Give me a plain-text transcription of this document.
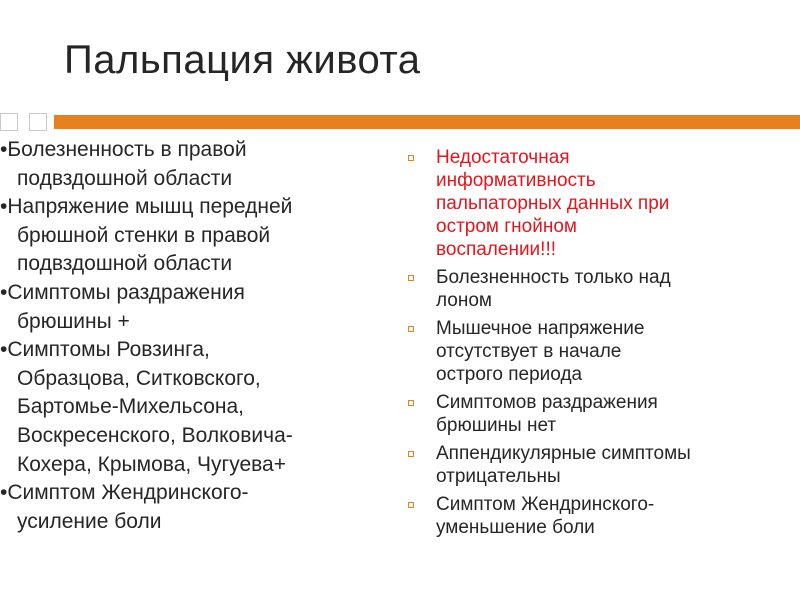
Пальпация живота
•Болезненность в правой
подвздошной области
•Напряжение мышц передней
брюшной стенки в правой
подвздошной области
•Симптомы раздражения
брюшины +
•Симптомы Ровзинга,
Образцова, Ситковского,
Бартомье-Михельсона,
Воскресенского, Волковича-
Кохера, Крымова, Чугуева+
•Симптом Жендринского-
усиление боли
Недостаточная
информативность
пальпаторных данных при
остром гнойном
воспалении!!!
Болезненность только над
лоном
Мышечное напряжение
отсутствует в начале
острого периода
Симптомов раздражения
брюшины нет
Аппендикулярные симптомы
отрицательны
Симптом Жендринского-
уменьшение боли
